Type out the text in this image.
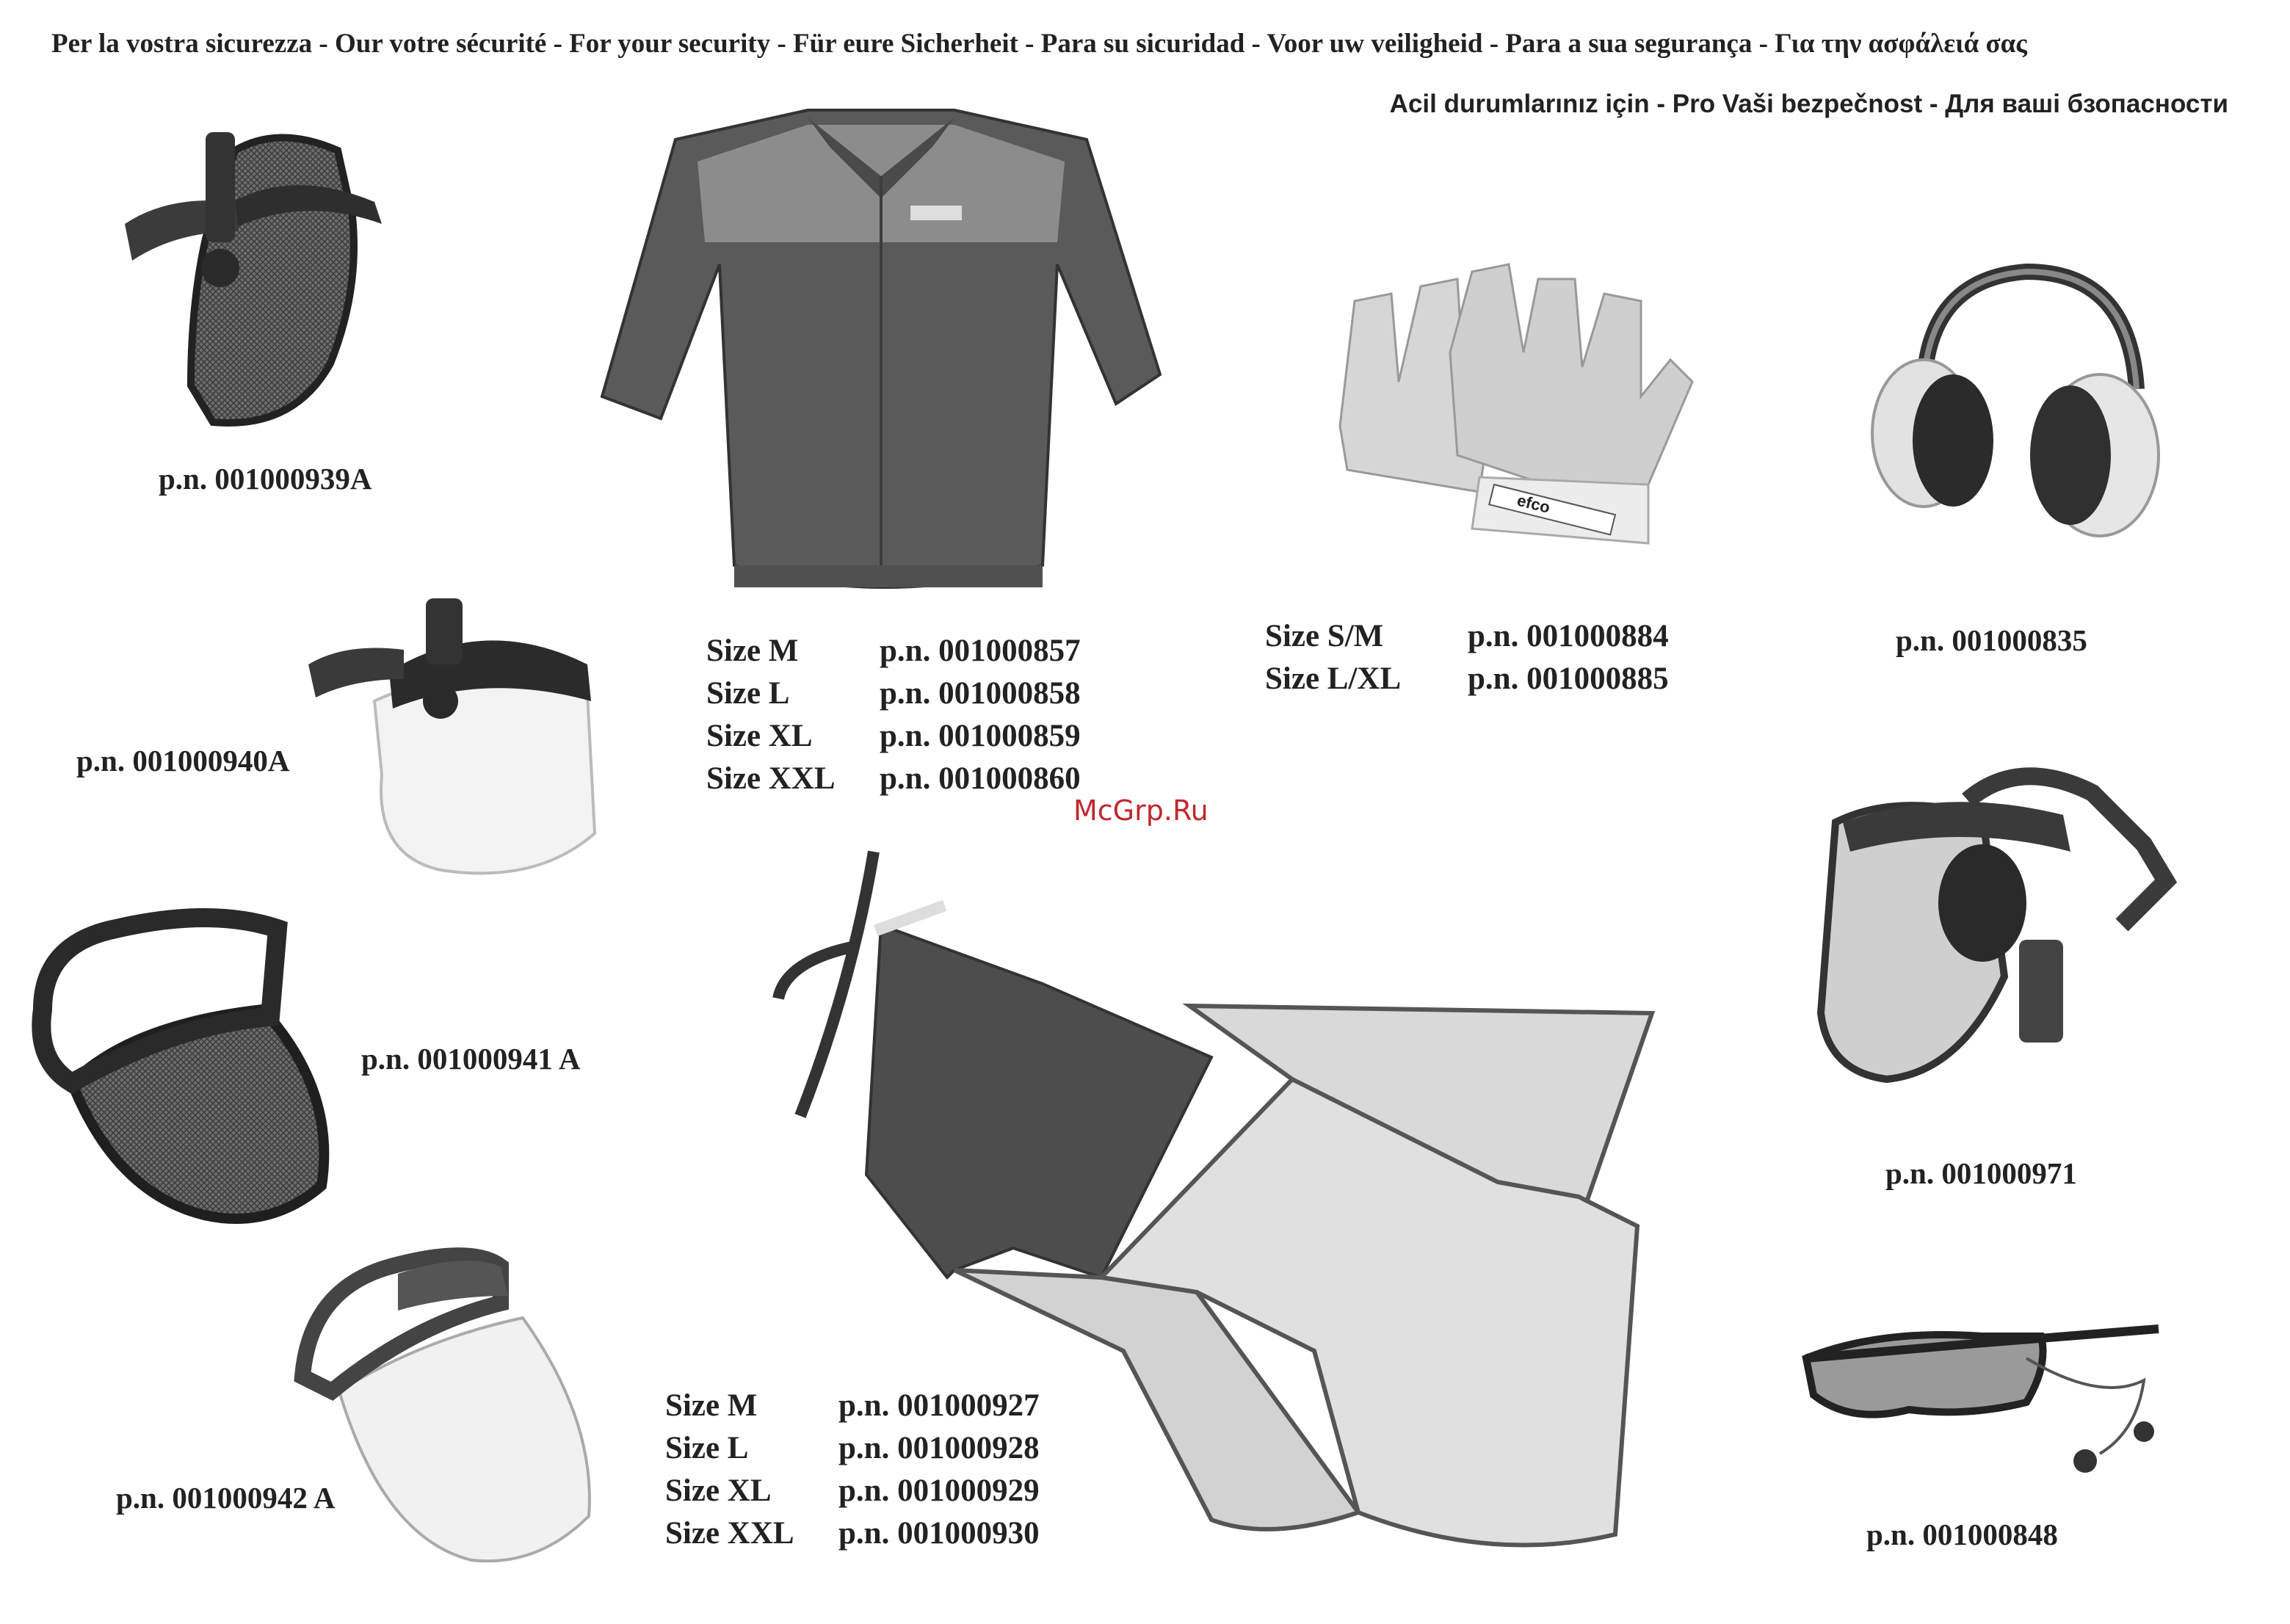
Per la vostra sicurezza - Our votre sécurité - For your security - Für eure Sicherheit - Para su sicuridad - Voor uw veiligheid - Para a sua segurança - Για την ασφάλειά σας
Acil durumlarınız için - Pro Vaši bezpečnost - Для ваші бзопасности
p.n. 001000939A
p.n. 001000940A
p.n. 001000941 A
p.n. 001000942 A
Size M	p.n. 001000857
Size L	p.n. 001000858
Size XL	p.n. 001000859
Size XXL	p.n. 001000860
efco
Size S/M	p.n. 001000884
Size L/XL	p.n. 001000885
p.n. 001000835
Size M	p.n. 001000927
Size L	p.n. 001000928
Size XL	p.n. 001000929
Size XXL	p.n. 001000930
p.n. 001000971
p.n. 001000848
McGrp.Ru
